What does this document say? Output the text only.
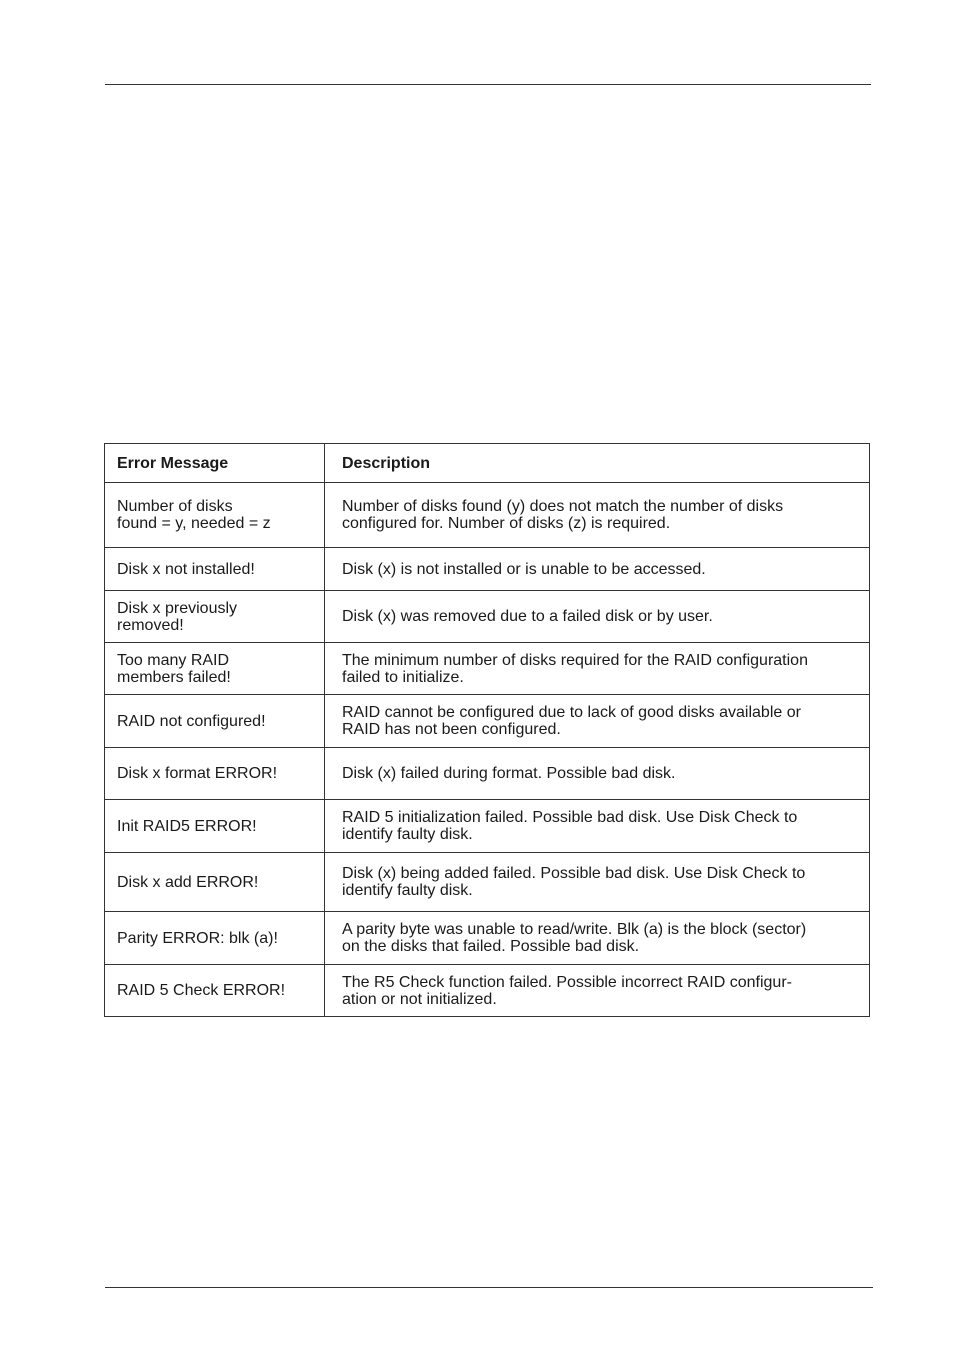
Error Message	Description

Number of disks
found = y, needed = z	Number of disks found (y) does not match the number of disks
configured for. Number of disks (z) is required.

Disk x not installed!	Disk (x) is not installed or is unable to be accessed.

Disk x previously
removed!	Disk (x) was removed due to a failed disk or by user.

Too many RAID
members failed!	The minimum number of disks required for the RAID configuration
failed to initialize.

RAID not configured!	RAID cannot be configured due to lack of good disks available or
RAID has not been configured.

Disk x format ERROR!	Disk (x) failed during format. Possible bad disk.

Init RAID5 ERROR!	RAID 5 initialization failed. Possible bad disk. Use Disk Check to
identify faulty disk.

Disk x add ERROR!	Disk (x) being added failed. Possible bad disk. Use Disk Check to
identify faulty disk.

Parity ERROR: blk (a)!	A parity byte was unable to read/write. Blk (a) is the block (sector)
on the disks that failed. Possible bad disk.

RAID 5 Check ERROR!	The R5 Check function failed. Possible incorrect RAID configur-
ation or not initialized.
